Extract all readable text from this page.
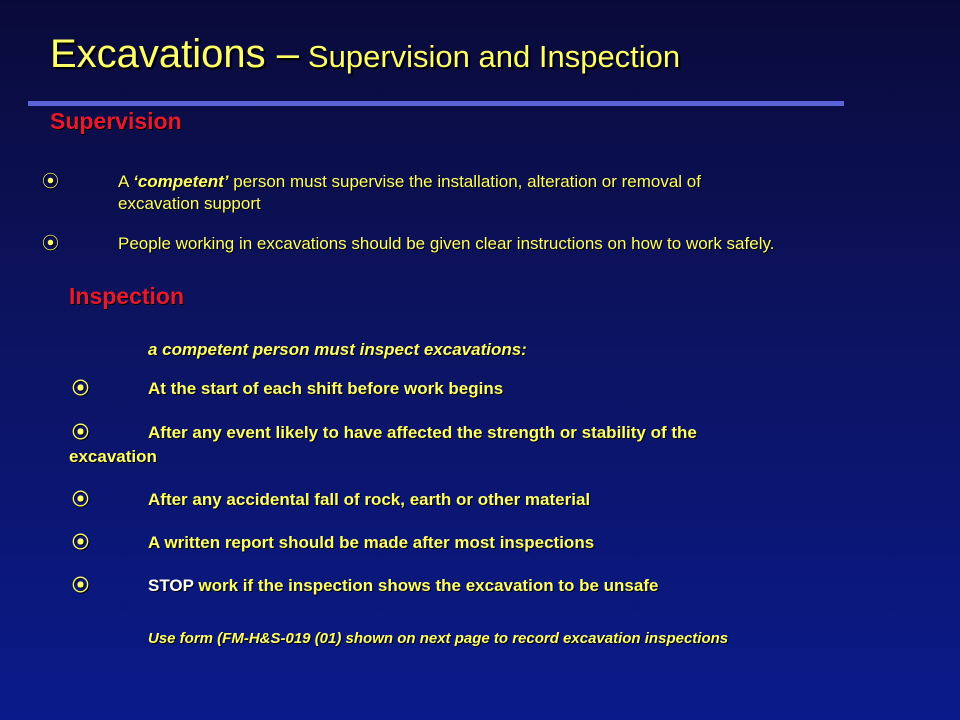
Excavations – Supervision and Inspection
Supervision
⦿	A ‘competent’ person must supervise the installation, alteration or removal of
excavation support
⦿	People working in excavations should be given clear instructions on how to work safely.
Inspection
a competent person must inspect excavations:
⦿	At the start of each shift before work begins
⦿	After any event likely to have affected the strength or stability of the
excavation
⦿	After any accidental fall of rock, earth or other material
⦿	A written report should be made after most inspections
⦿	STOP work if the inspection shows the excavation to be unsafe
Use form (FM-H&S-019 (01) shown on next page to record excavation inspections
